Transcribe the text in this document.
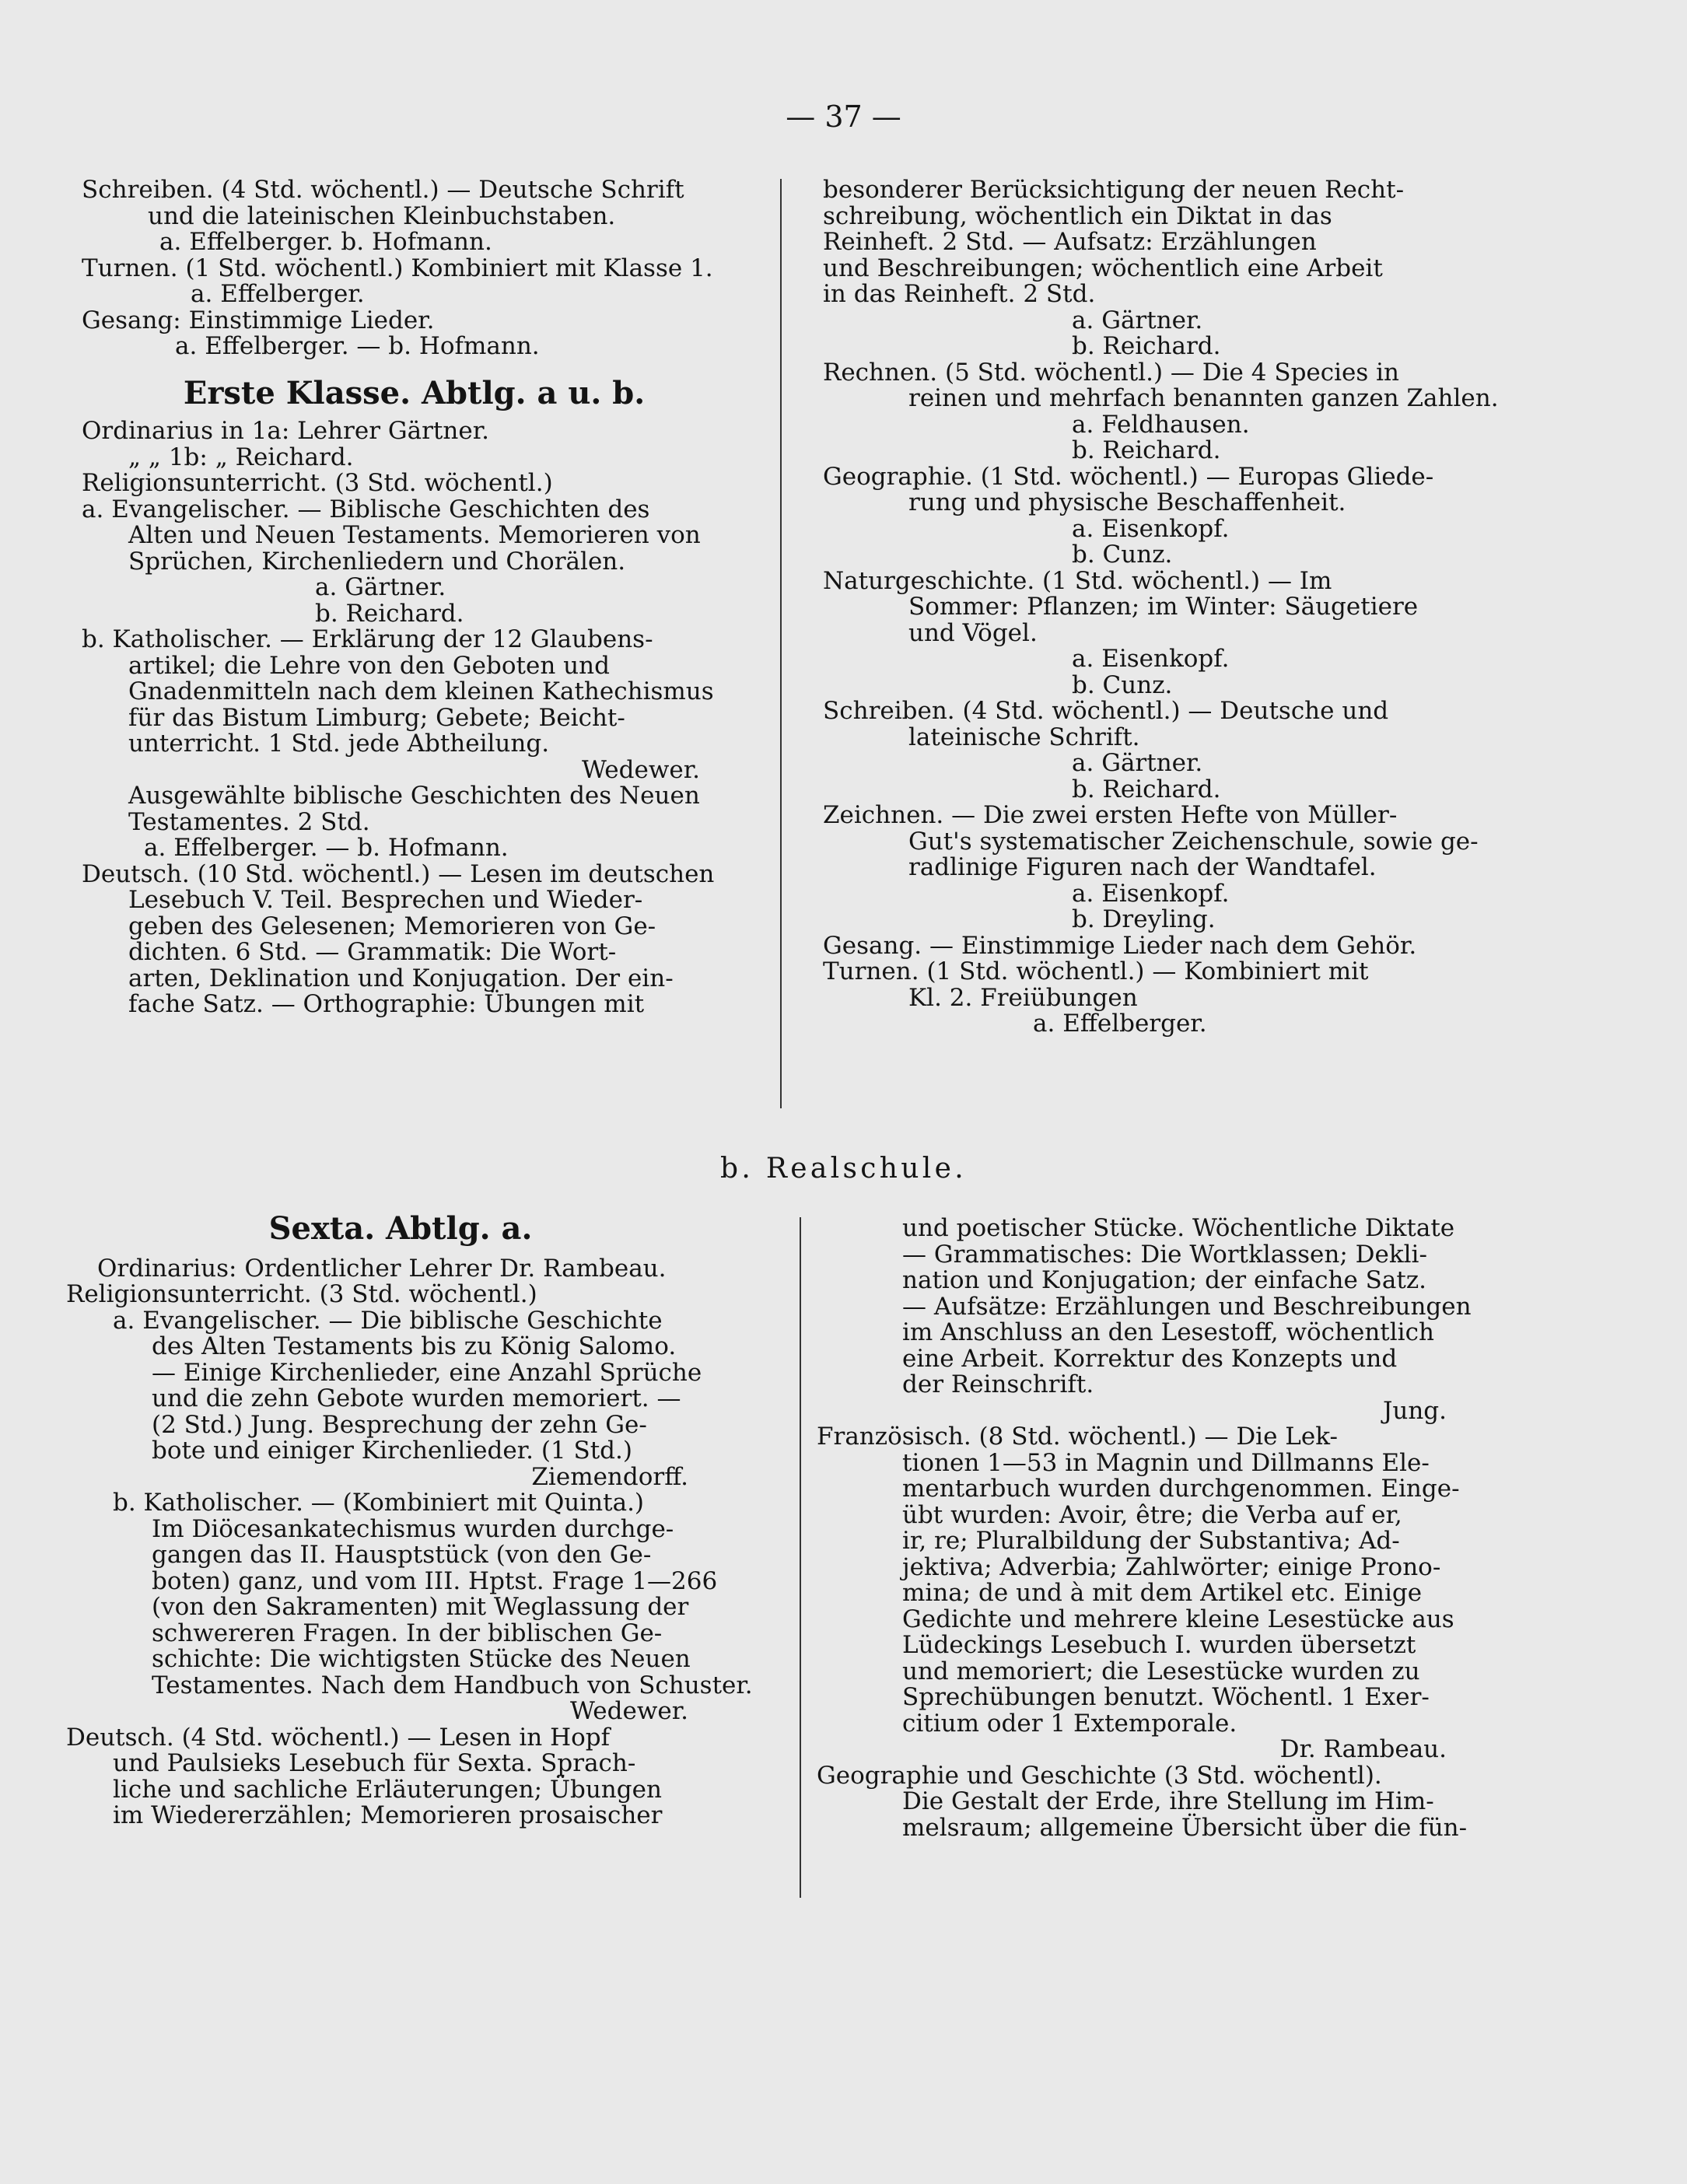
— 37 —
Schreiben. (4 Std. wöchentl.) — Deutsche Schrift
und die lateinischen Kleinbuchstaben.
a. Effelberger. b. Hofmann.
Turnen. (1 Std. wöchentl.) Kombiniert mit Klasse 1.
a. Effelberger.
Gesang: Einstimmige Lieder.
a. Effelberger. — b. Hofmann.
Erste Klasse. Abtlg. a u. b.
Ordinarius in 1a: Lehrer Gärtner.
„ „ 1b: „ Reichard.
Religionsunterricht. (3 Std. wöchentl.)
a. Evangelischer. — Biblische Geschichten des
Alten und Neuen Testaments. Memorieren von
Sprüchen, Kirchenliedern und Chorälen.
a. Gärtner.
b. Reichard.
b. Katholischer. — Erklärung der 12 Glaubens-
artikel; die Lehre von den Geboten und
Gnadenmitteln nach dem kleinen Kathechismus
für das Bistum Limburg; Gebete; Beicht-
unterricht. 1 Std. jede Abtheilung.
Wedewer.
Ausgewählte biblische Geschichten des Neuen
Testamentes. 2 Std.
a. Effelberger. — b. Hofmann.
Deutsch. (10 Std. wöchentl.) — Lesen im deutschen
Lesebuch V. Teil. Besprechen und Wieder-
geben des Gelesenen; Memorieren von Ge-
dichten. 6 Std. — Grammatik: Die Wort-
arten, Deklination und Konjugation. Der ein-
fache Satz. — Orthographie: Übungen mit
besonderer Berücksichtigung der neuen Recht-
schreibung, wöchentlich ein Diktat in das
Reinheft. 2 Std. — Aufsatz: Erzählungen
und Beschreibungen; wöchentlich eine Arbeit
in das Reinheft. 2 Std.
a. Gärtner.
b. Reichard.
Rechnen. (5 Std. wöchentl.) — Die 4 Species in
reinen und mehrfach benannten ganzen Zahlen.
a. Feldhausen.
b. Reichard.
Geographie. (1 Std. wöchentl.) — Europas Gliede-
rung und physische Beschaffenheit.
a. Eisenkopf.
b. Cunz.
Naturgeschichte. (1 Std. wöchentl.) — Im
Sommer: Pflanzen; im Winter: Säugetiere
und Vögel.
a. Eisenkopf.
b. Cunz.
Schreiben. (4 Std. wöchentl.) — Deutsche und
lateinische Schrift.
a. Gärtner.
b. Reichard.
Zeichnen. — Die zwei ersten Hefte von Müller-
Gut's systematischer Zeichenschule, sowie ge-
radlinige Figuren nach der Wandtafel.
a. Eisenkopf.
b. Dreyling.
Gesang. — Einstimmige Lieder nach dem Gehör.
Turnen. (1 Std. wöchentl.) — Kombiniert mit
Kl. 2. Freiübungen
a. Effelberger.
b. Realschule.
Sexta. Abtlg. a.
Ordinarius: Ordentlicher Lehrer Dr. Rambeau.
Religionsunterricht. (3 Std. wöchentl.)
a. Evangelischer. — Die biblische Geschichte
des Alten Testaments bis zu König Salomo.
— Einige Kirchenlieder, eine Anzahl Sprüche
und die zehn Gebote wurden memoriert. —
(2 Std.) Jung. Besprechung der zehn Ge-
bote und einiger Kirchenlieder. (1 Std.)
Ziemendorff.
b. Katholischer. — (Kombiniert mit Quinta.)
Im Diöcesankatechismus wurden durchge-
gangen das II. Hausptstück (von den Ge-
boten) ganz, und vom III. Hptst. Frage 1—266
(von den Sakramenten) mit Weglassung der
schwereren Fragen. In der biblischen Ge-
schichte: Die wichtigsten Stücke des Neuen
Testamentes. Nach dem Handbuch von Schuster.
Wedewer.
Deutsch. (4 Std. wöchentl.) — Lesen in Hopf
und Paulsieks Lesebuch für Sexta. Sprach-
liche und sachliche Erläuterungen; Übungen
im Wiedererzählen; Memorieren prosaischer
und poetischer Stücke. Wöchentliche Diktate
— Grammatisches: Die Wortklassen; Dekli-
nation und Konjugation; der einfache Satz.
— Aufsätze: Erzählungen und Beschreibungen
im Anschluss an den Lesestoff, wöchentlich
eine Arbeit. Korrektur des Konzepts und
der Reinschrift.
Jung.
Französisch. (8 Std. wöchentl.) — Die Lek-
tionen 1—53 in Magnin und Dillmanns Ele-
mentarbuch wurden durchgenommen. Einge-
übt wurden: Avoir, être; die Verba auf er,
ir, re; Pluralbildung der Substantiva; Ad-
jektiva; Adverbia; Zahlwörter; einige Prono-
mina; de und à mit dem Artikel etc. Einige
Gedichte und mehrere kleine Lesestücke aus
Lüdeckings Lesebuch I. wurden übersetzt
und memoriert; die Lesestücke wurden zu
Sprechübungen benutzt. Wöchentl. 1 Exer-
citium oder 1 Extemporale.
Dr. Rambeau.
Geographie und Geschichte (3 Std. wöchentl).
Die Gestalt der Erde, ihre Stellung im Him-
melsraum; allgemeine Übersicht über die fün-
